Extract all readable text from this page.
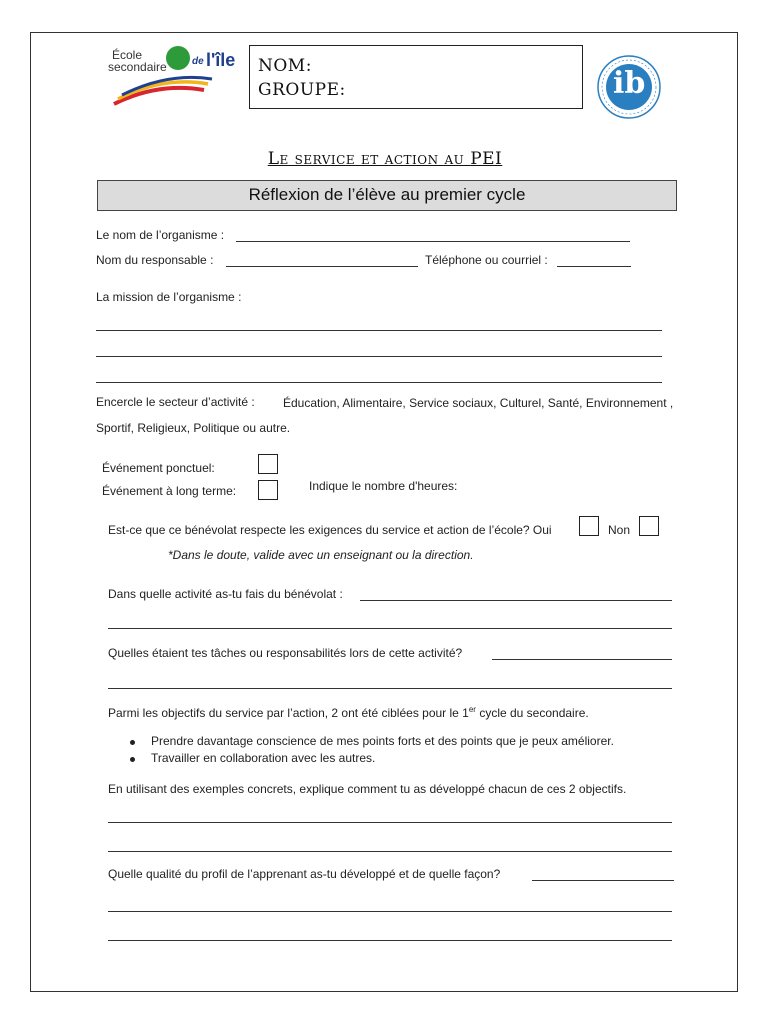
École
secondaire	de l'île NOM:
GROUPE:	ib
Le service et action au PEI
Réflexion de l’élève au premier cycle
Le nom de l’organisme :
Nom du responsable :	Téléphone ou courriel :
La mission de l’organisme :
Encercle le secteur d’activité : Éducation, Alimentaire, Service sociaux, Culturel, Santé, Environnement ,
Sportif, Religieux, Politique ou autre.
Événement ponctuel:
Événement à long terme:	Indique le nombre d'heures:
Est-ce que ce bénévolat respecte les exigences du service et action de l’école? Oui	Non
*Dans le doute, valide avec un enseignant ou la direction.
Dans quelle activité as-tu fais du bénévolat :
Quelles étaient tes tâches ou responsabilités lors de cette activité?
Parmi les objectifs du service par l’action, 2 ont été ciblées pour le 1er cycle du secondaire.
Prendre davantage conscience de mes points forts et des points que je peux améliorer.
Travailler en collaboration avec les autres.
En utilisant des exemples concrets, explique comment tu as développé chacun de ces 2 objectifs.
Quelle qualité du profil de l’apprenant as-tu développé et de quelle façon?
